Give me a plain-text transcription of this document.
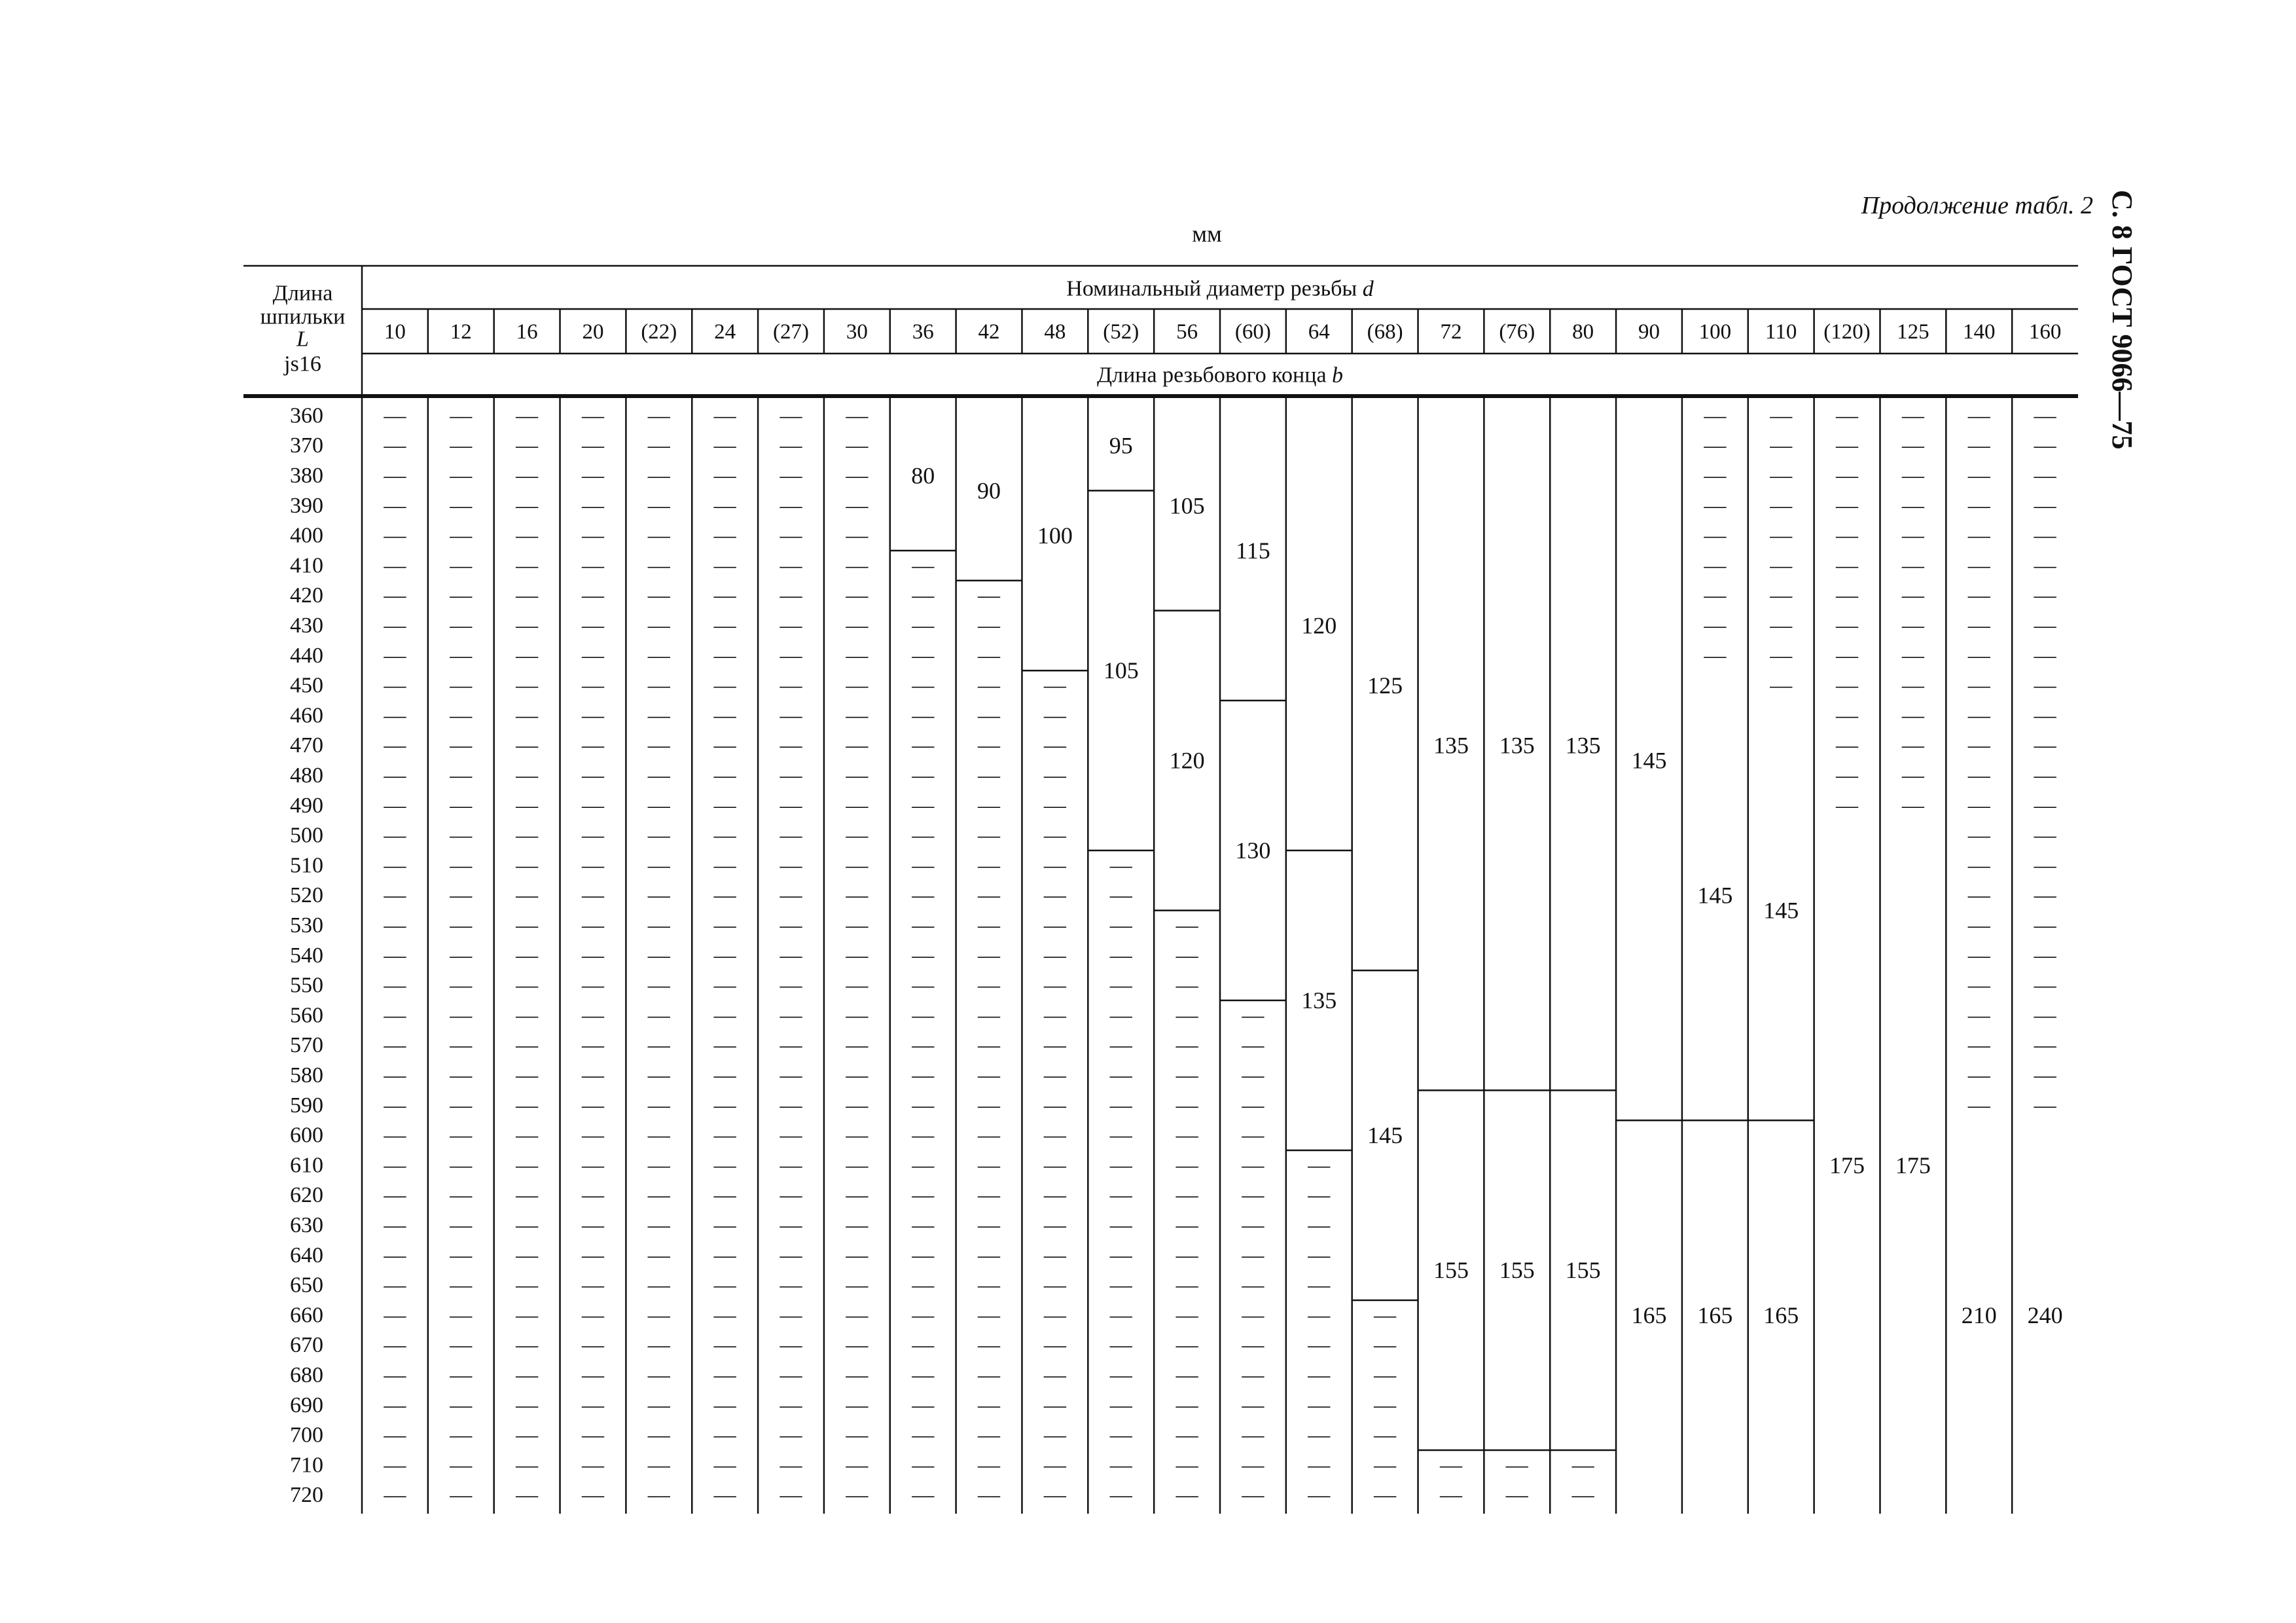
Продолжение табл. 2
мм	С. 8 ГОСТ 9066—75
Длина
шпильки
L
js16
Номинальный диаметр резьбы d
Длина резьбового конца b
10 12 16 20 (22) 24 (27) 30 36 42 48 (52) 56 (60) 64 (68) 72 (76) 80 90 100 110 (120) 125 140 160
360
370
380
390
400
410
420
430
440
450
460
470
480
490
500
510
520
530
540
550
560
570
580
590
600
610
620
630
640
650
660
670
680
690
700
710
720
—
—
—
—
—
—
—
—
—
—
—
—
—
—
—
—
—
—
—
—
—
—
—
—
—
—
—
—
—
—
—
—
—
—
—
—
—
—
—
—
—
—
—
—
—
—
—
—
—
—
—
—
—
—
—
—
—
—
—
—
—
—
—
—
—
—
—
—
—
—
—
—
—
—
—
—
—
—
—
—
—
—
—
—
—
—
—
—
—
—
—
—
—
—
—
—
—
—
—
—
—
—
—
—
—
—
—
—
—
—
—
—
—
—
—
—
—
—
—
—
—
—
—
—
—
—
—
—
—
—
—
—
—
—
—
—
—
—
—
—
—
—
—
—
—
—
—
—
—
—
—
—
—
—
—
—
—
—
—
—
—
—
—
—
—
—
—
—
—
—
—
—
—
—
—
—
—
—
—
—
—
—
—
—
—
—
—
—
—
—
—
—
—
—
—
—
—
—
—
—
—
—
—
—
—
—
—
—
—
—
—
—
—
—
—
—
—
—
—
—
—
—
—
—
—
—
—
—
—
—
—
—
—
—
—
—
—
—
—
—
—
—
—
—
—
—
—
—
—
—
—
—
—
—
—
—
—
—
—
—
—
—
—
—
—
—
—
—
—
—
—
—
—
—
—
—
—
—
—
—
—
—
—
—
—
—
—
—
—
—
—
—
—
—
—
—
80
—
—
—
—
—
—
—
—
—
—
—
—
—
—
—
—
—
—
—
—
—
—
—
—
—
—
—
—
—
—
—
—
90
—
—
—
—
—
—
—
—
—
—
—
—
—
—
—
—
—
—
—
—
—
—
—
—
—
—
—
—
—
—
—
100
—
—
—
—
—
—
—
—
—
—
—
—
—
—
—
—
—
—
—
—
—
—
—
—
—
—
—
—
95
105
—
—
—
—
—
—
—
—
—
—
—
—
—
—
—
—
—
—
—
—
—
—
105
120
—
—
—
—
—
—
—
—
—
—
—
—
—
—
—
—
—
—
—
—
115
130
—
—
—
—
—
—
—
—
—
—
—
—
—
—
—
—
—
120
135
—
—
—
—
—
—
—
—
—
—
—
—
125
145
—
—
—
—
—
—
—
135
155
—
—
135
155
—
—
135
155
—
—
145
165
—
—
—
—
—
—
—
—
—
145
165
—
—
—
—
—
—
—
—
—
—
145
165
—
—
—
—
—
—
—
—
—
—
—
—
—
—
175
—
—
—
—
—
—
—
—
—
—
—
—
—
—
175
—
—
—
—
—
—
—
—
—
—
—
—
—
—
—
—
—
—
—
—
—
—
—
—
210
—
—
—
—
—
—
—
—
—
—
—
—
—
—
—
—
—
—
—
—
—
—
—
—
240
